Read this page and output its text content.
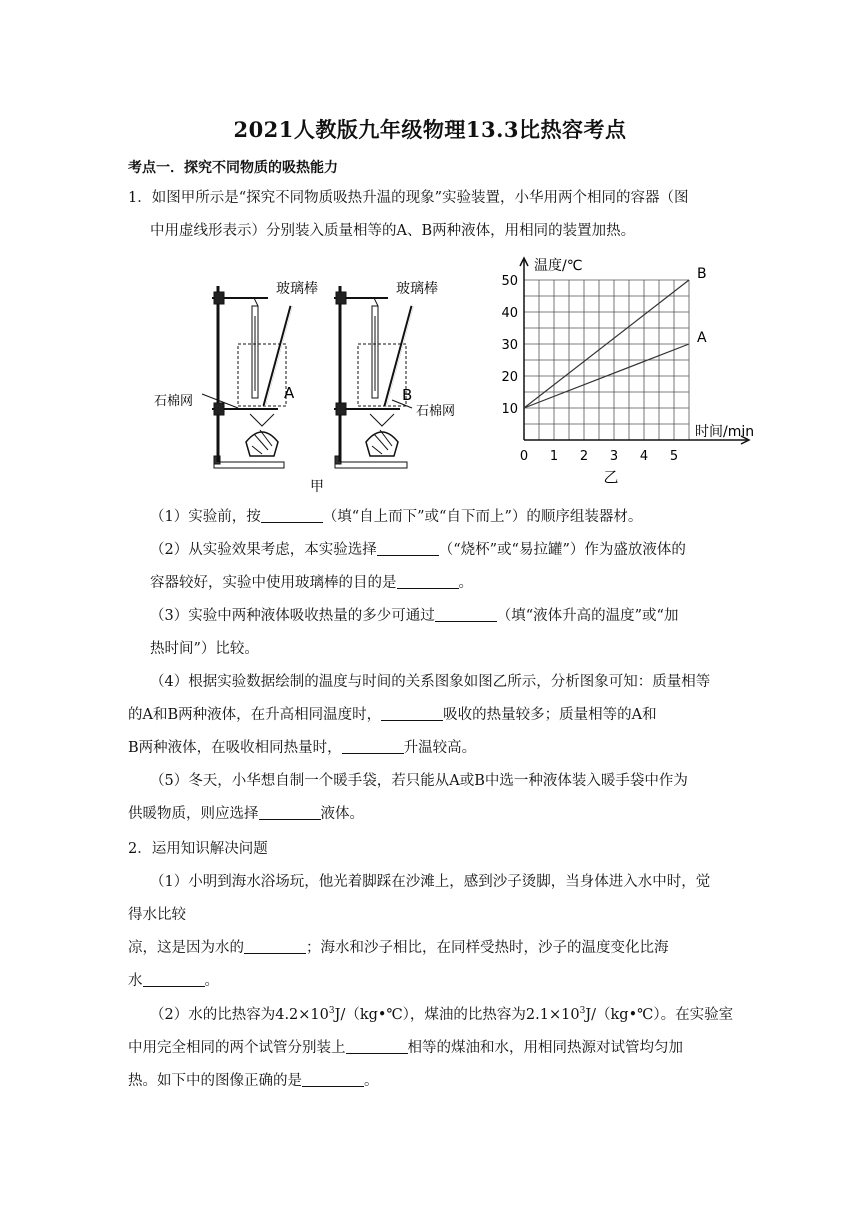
2021人教版九年级物理13.3比热容考点
考点一．探究不同物质的吸热能力
1．如图甲所示是“探究不同物质吸热升温的现象”实验装置，小华用两个相同的容器（图
中用虚线形表示）分别装入质量相等的A、B两种液体，用相同的装置加热。
玻璃棒	玻璃棒
A	B
石棉网
石棉网
甲
0 1 2 3 4 5
10
20
30
40
50
温度/℃
时间/min
乙
A
B
（1）实验前，按	（填“自上而下”或“自下而上”）的顺序组装器材。
（2）从实验效果考虑，本实验选择	（“烧杯”或“易拉罐”）作为盛放液体的
容器较好，实验中使用玻璃棒的目的是	。
（3）实验中两种液体吸收热量的多少可通过	（填“液体升高的温度”或“加
热时间”）比较。
（4）根据实验数据绘制的温度与时间的关系图象如图乙所示，分析图象可知：质量相等
的A和B两种液体，在升高相同温度时，	吸收的热量较多；质量相等的A和
B两种液体，在吸收相同热量时，	升温较高。
（5）冬天，小华想自制一个暖手袋，若只能从A或B中选一种液体装入暖手袋中作为
供暖物质，则应选择	液体。
2．运用知识解决问题
（1）小明到海水浴场玩，他光着脚踩在沙滩上，感到沙子烫脚，当身体进入水中时，觉
得水比较
凉，这是因为水的	；海水和沙子相比，在同样受热时，沙子的温度变化比海
水	。
（2）水的比热容为$4.2\times 10^3J/(kg•℃)$，煤油的比热容为$2.1\times 10^3J/(kg•℃)$。在实验室
中用完全相同的两个试管分别装上	相等的煤油和水，用相同热源对试管均匀加
热。如下中的图像正确的是	。
